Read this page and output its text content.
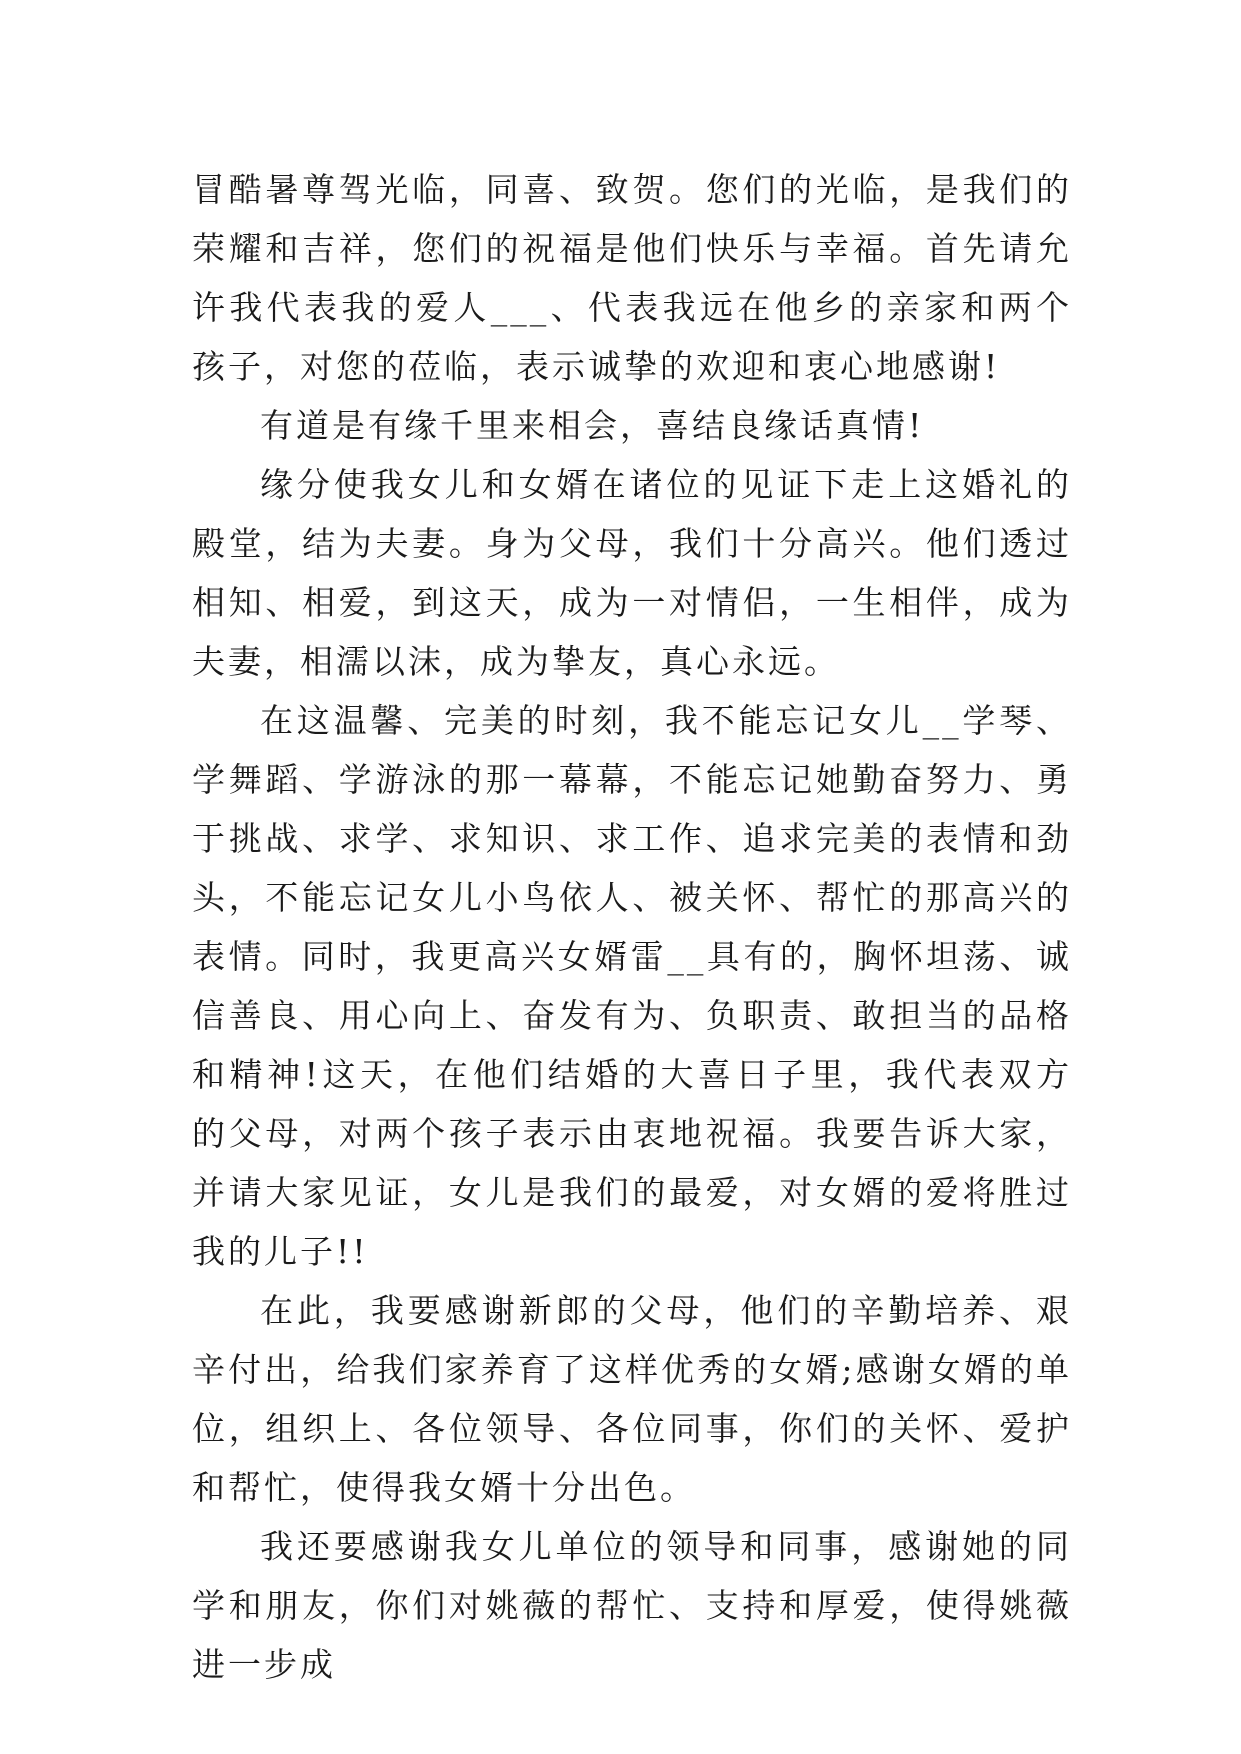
冒酷暑尊驾光临，同喜、致贺。您们的光临，是我们的荣耀和吉祥，您们的祝福是他们快乐与幸福。首先请允许我代表我的爱人___、代表我远在他乡的亲家和两个孩子，对您的莅临，表示诚挚的欢迎和衷心地感谢!

有道是有缘千里来相会，喜结良缘话真情!

缘分使我女儿和女婿在诸位的见证下走上这婚礼的殿堂，结为夫妻。身为父母，我们十分高兴。他们透过相知、相爱，到这天，成为一对情侣，一生相伴，成为夫妻，相濡以沫，成为挚友，真心永远。

在这温馨、完美的时刻，我不能忘记女儿__学琴、学舞蹈、学游泳的那一幕幕，不能忘记她勤奋努力、勇于挑战、求学、求知识、求工作、追求完美的表情和劲头，不能忘记女儿小鸟依人、被关怀、帮忙的那高兴的表情。同时，我更高兴女婿雷__具有的，胸怀坦荡、诚信善良、用心向上、奋发有为、负职责、敢担当的品格和精神!这天，在他们结婚的大喜日子里，我代表双方的父母，对两个孩子表示由衷地祝福。我要告诉大家，并请大家见证，女儿是我们的最爱，对女婿的爱将胜过我的儿子!!

在此，我要感谢新郎的父母，他们的辛勤培养、艰辛付出，给我们家养育了这样优秀的女婿;感谢女婿的单位，组织上、各位领导、各位同事，你们的关怀、爱护和帮忙，使得我女婿十分出色。

我还要感谢我女儿单位的领导和同事，感谢她的同学和朋友，你们对姚薇的帮忙、支持和厚爱，使得姚薇进一步成
